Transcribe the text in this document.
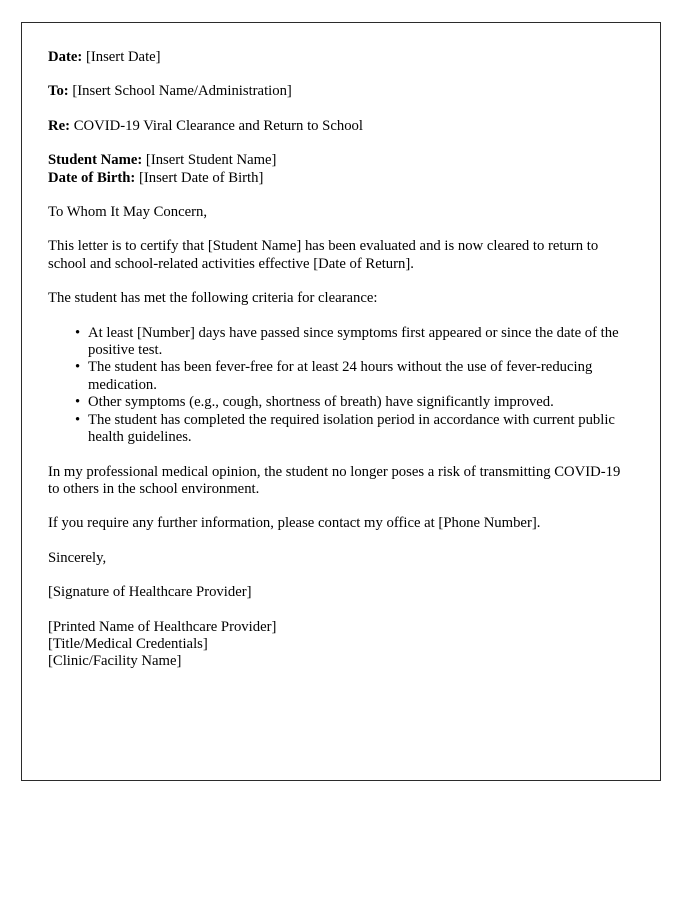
Date: [Insert Date]

To: [Insert School Name/Administration]

Re: COVID-19 Viral Clearance and Return to School

Student Name: [Insert Student Name]
Date of Birth: [Insert Date of Birth]

To Whom It May Concern,

This letter is to certify that [Student Name] has been evaluated and is now cleared to return to school and school-related activities effective [Date of Return].

The student has met the following criteria for clearance:

• At least [Number] days have passed since symptoms first appeared or since the date of the positive test.
• The student has been fever-free for at least 24 hours without the use of fever-reducing medication.
• Other symptoms (e.g., cough, shortness of breath) have significantly improved.
• The student has completed the required isolation period in accordance with current public health guidelines.

In my professional medical opinion, the student no longer poses a risk of transmitting COVID-19 to others in the school environment.

If you require any further information, please contact my office at [Phone Number].

Sincerely,

[Signature of Healthcare Provider]

[Printed Name of Healthcare Provider]
[Title/Medical Credentials]
[Clinic/Facility Name]
